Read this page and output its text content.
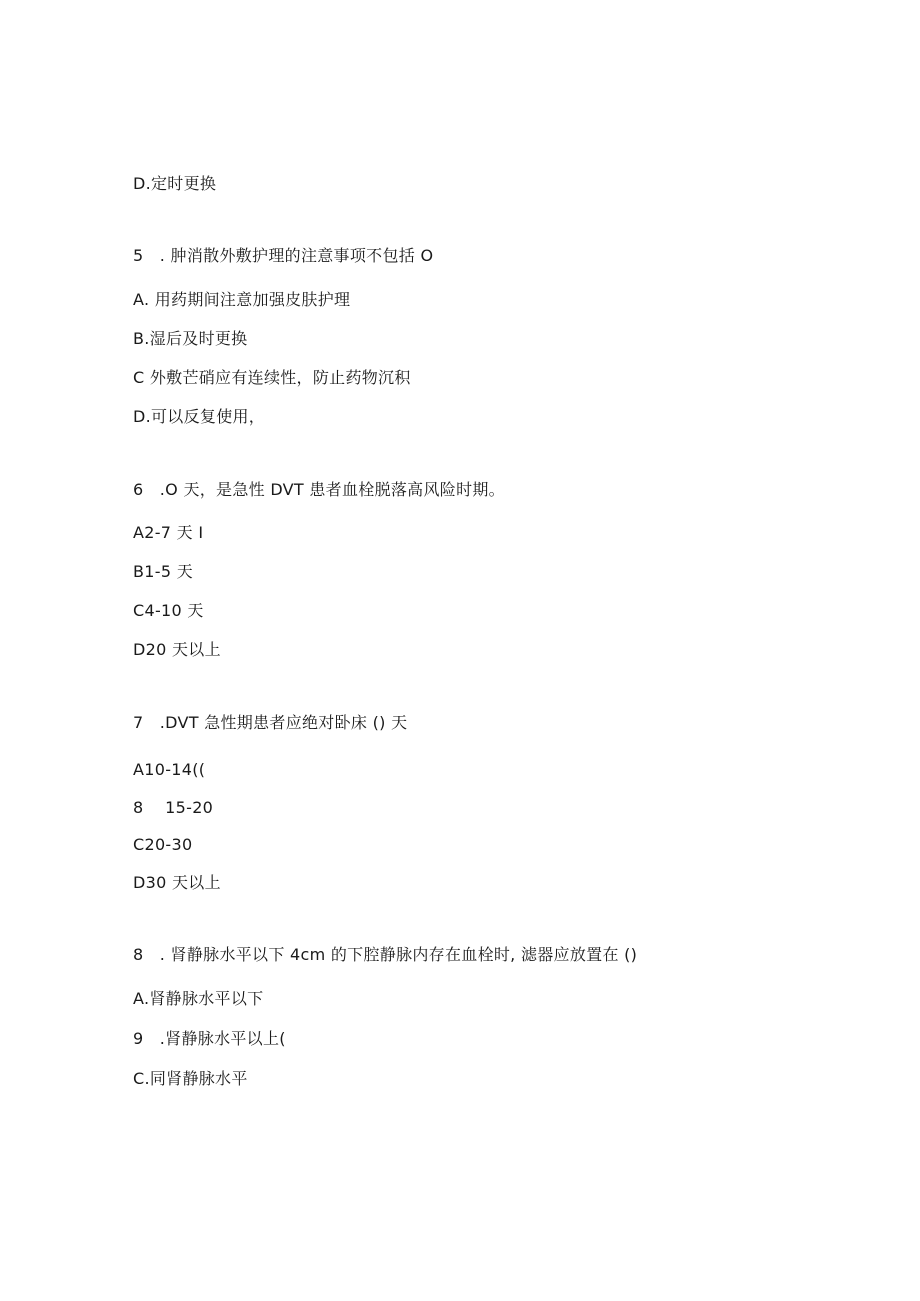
D.定时更换
5　. 肿消散外敷护理的注意事项不包括 O
A. 用药期间注意加强皮肤护理
B.湿后及时更换
C 外敷芒硝应有连续性，防止药物沉积
D.可以反复使用，
6　.O 天，是急性 DVT 患者血栓脱落高风险时期。
A2-7 天 I
B1-5 天
C4-10 天
D20 天以上
7　.DVT 急性期患者应绝对卧床 () 天
A10-14((
8　 15-20
C20-30
D30 天以上
8　. 肾静脉水平以下 4cm 的下腔静脉内存在血栓时, 滤器应放置在 ()
A.肾静脉水平以下
9　.肾静脉水平以上(
C.同肾静脉水平
